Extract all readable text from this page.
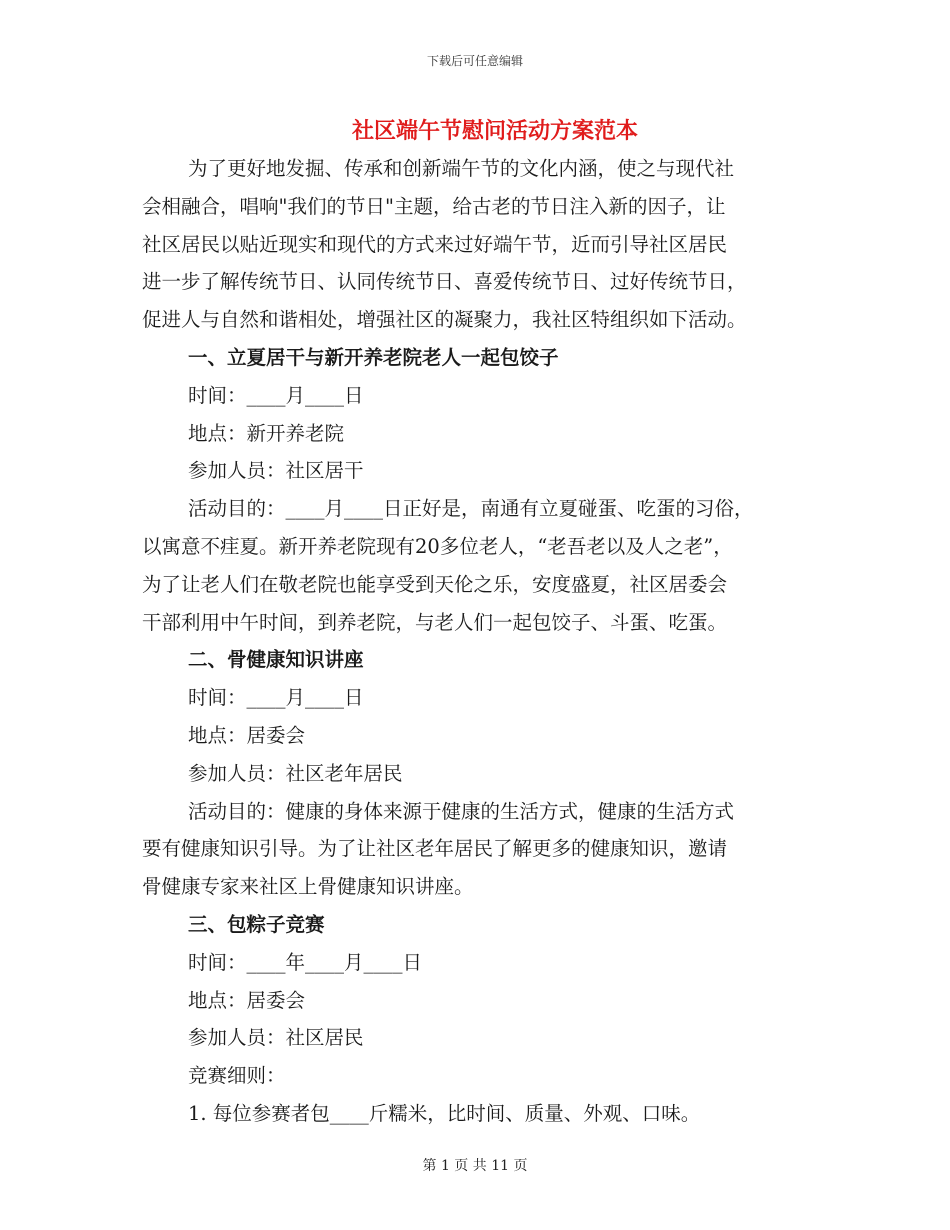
下载后可任意编辑
社区端午节慰问活动方案范本
为了更好地发掘、传承和创新端午节的文化内涵，使之与现代社
会相融合，唱响"我们的节日"主题，给古老的节日注入新的因子，让
社区居民以贴近现实和现代的方式来过好端午节，近而引导社区居民
进一步了解传统节日、认同传统节日、喜爱传统节日、过好传统节日，
促进人与自然和谐相处，增强社区的凝聚力，我社区特组织如下活动。
一、立夏居干与新开养老院老人一起包饺子
时间：____月____日
地点：新开养老院
参加人员：社区居干
活动目的：____月____日正好是，南通有立夏碰蛋、吃蛋的习俗，
以寓意不疰夏。新开养老院现有20多位老人，“老吾老以及人之老”，
为了让老人们在敬老院也能享受到天伦之乐，安度盛夏，社区居委会
干部利用中午时间，到养老院，与老人们一起包饺子、斗蛋、吃蛋。
二、骨健康知识讲座
时间：____月____日
地点：居委会
参加人员：社区老年居民
活动目的：健康的身体来源于健康的生活方式，健康的生活方式
要有健康知识引导。为了让社区老年居民了解更多的健康知识，邀请
骨健康专家来社区上骨健康知识讲座。
三、包粽子竞赛
时间：____年____月____日
地点：居委会
参加人员：社区居民
竞赛细则：
1. 每位参赛者包____斤糯米，比时间、质量、外观、口味。
第 1 页 共 11 页
